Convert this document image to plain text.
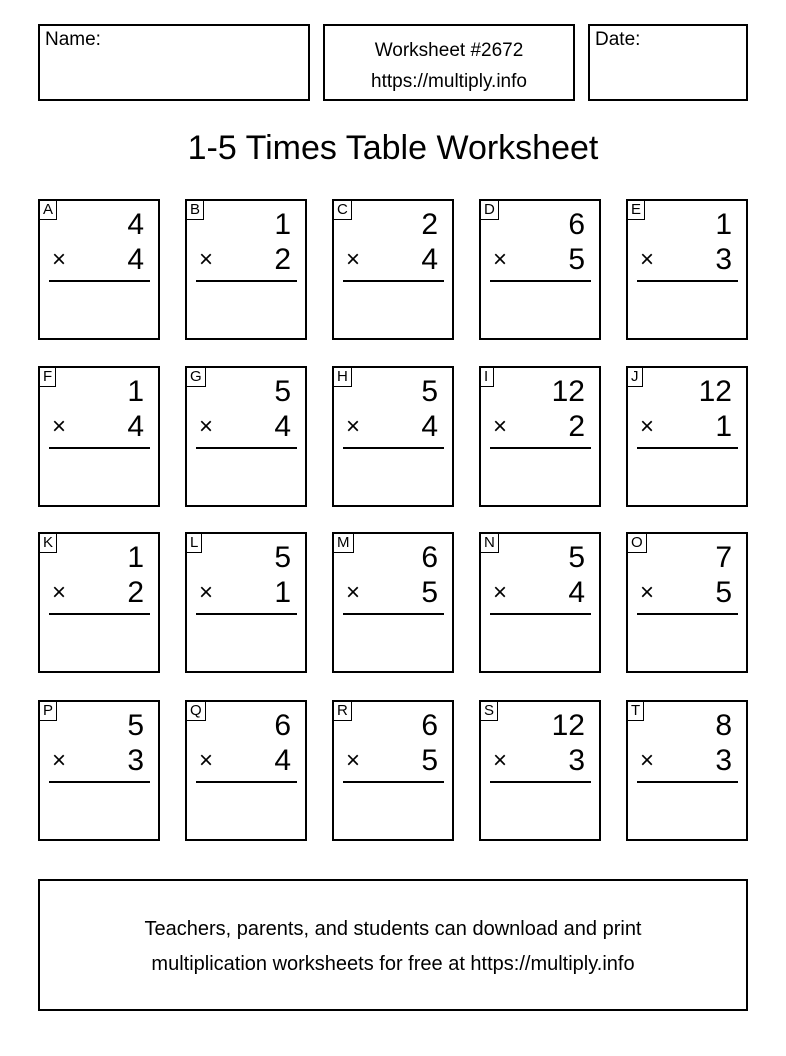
Name:
Worksheet #2672
https://multiply.info
Date:
1-5 Times Table Worksheet
A 4
× 4
B 1
× 2
C 2
× 4
D 6
× 5
E 1
× 3
F	1
× 4
G 5
× 4
H 5
× 4
I 12
× 2
J 12
× 1
K 1
× 2
L	5
× 1
M 6
× 5
N 5
× 4
O 7
× 5
P 5
× 3
Q 6
× 4
R 6
× 5
S 12
× 3
T	8
× 3
Teachers, parents, and students can download and print
multiplication worksheets for free at https://multiply.info
